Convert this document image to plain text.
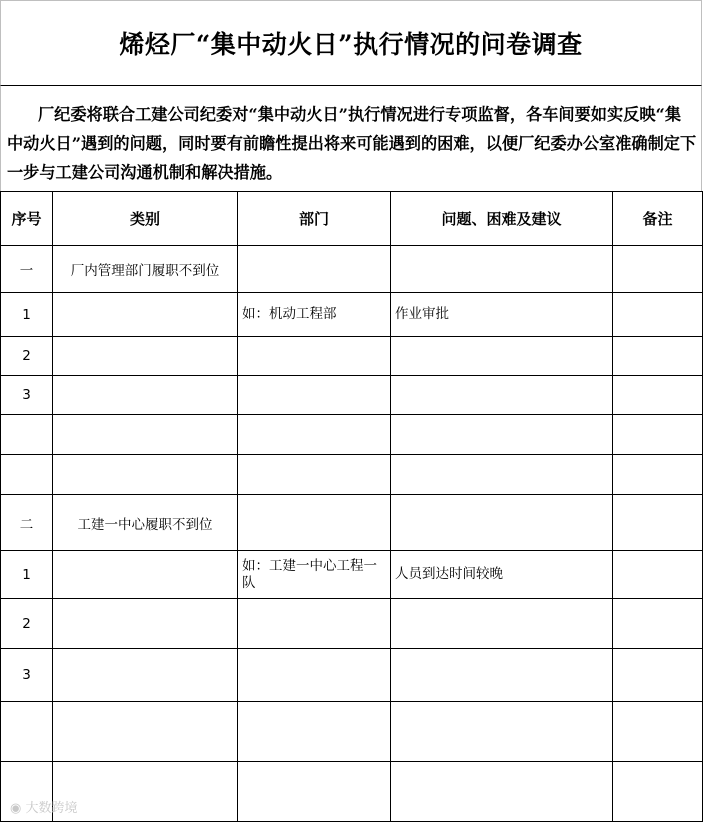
烯烃厂“集中动火日”执行情况的问卷调查
厂纪委将联合工建公司纪委对“集中动火日”执行情况进行专项监督，各车间要如实反映“集中动火日”遇到的问题，同时要有前瞻性提出将来可能遇到的困难，以便厂纪委办公室准确制定下一步与工建公司沟通机制和解决措施。
序号	类别	部门	问题、困难及建议	备注
一	厂内管理部门履职不到位			
1		如：机动工程部	作业审批	
2				
3				

二	工建一中心履职不到位			
1		如：工建一中心工程一队	人员到达时间较晚	
2				
3				

◉ 大数跨境
